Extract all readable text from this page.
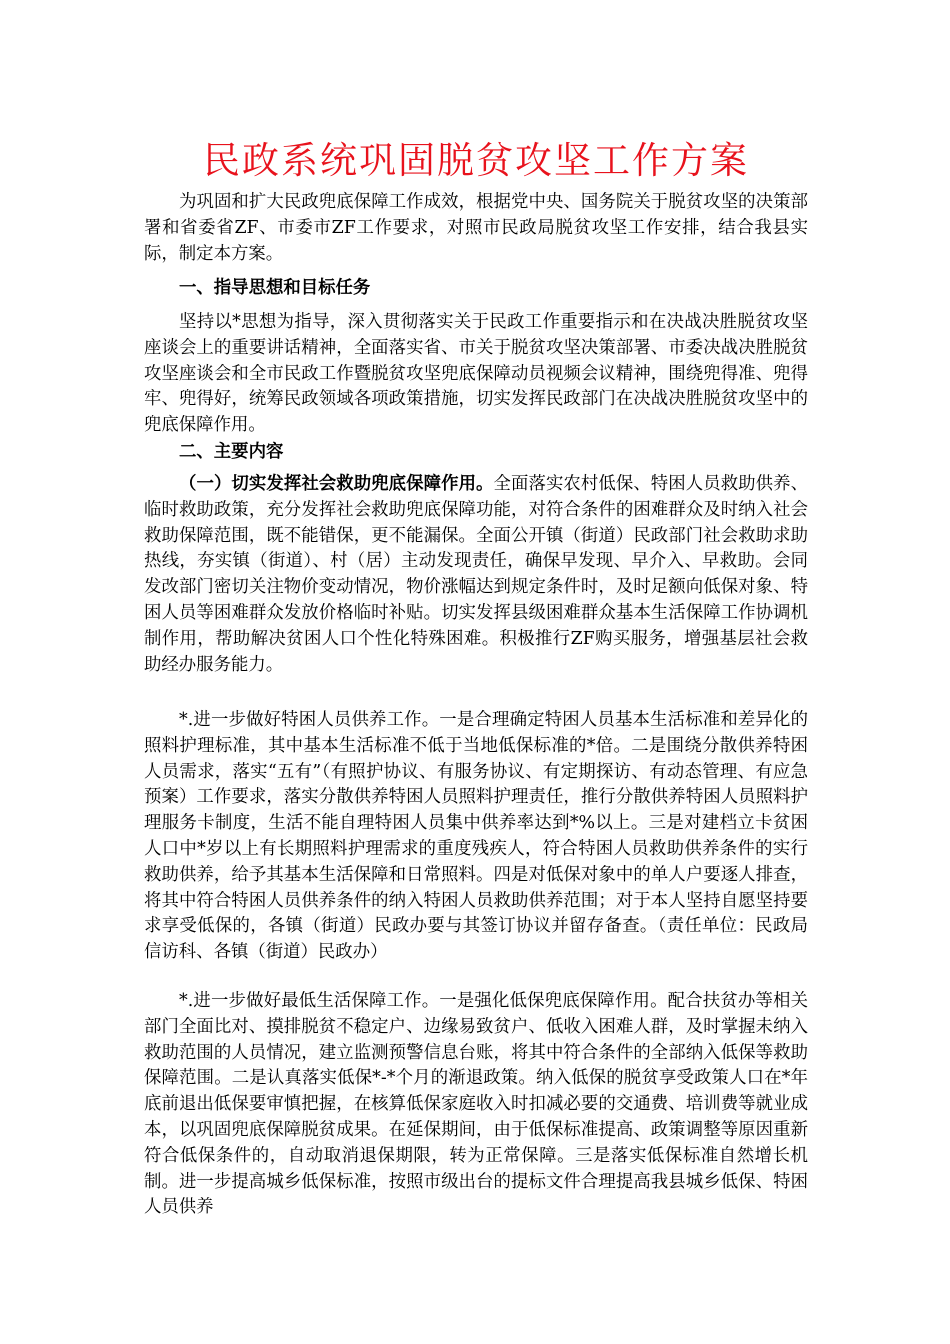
民政系统巩固脱贫攻坚工作方案

为巩固和扩大民政兜底保障工作成效，根据党中央、国务院关于脱贫攻坚的决策部署和省委省ZF、市委市ZF工作要求，对照市民政局脱贫攻坚工作安排，结合我县实际，制定本方案。

一、指导思想和目标任务

坚持以*思想为指导，深入贯彻落实关于民政工作重要指示和在决战决胜脱贫攻坚座谈会上的重要讲话精神，全面落实省、市关于脱贫攻坚决策部署、市委决战决胜脱贫攻坚座谈会和全市民政工作暨脱贫攻坚兜底保障动员视频会议精神，围绕兜得准、兜得牢、兜得好，统筹民政领域各项政策措施，切实发挥民政部门在决战决胜脱贫攻坚中的兜底保障作用。

二、主要内容

（一）切实发挥社会救助兜底保障作用。全面落实农村低保、特困人员救助供养、临时救助政策，充分发挥社会救助兜底保障功能，对符合条件的困难群众及时纳入社会救助保障范围，既不能错保，更不能漏保。全面公开镇（街道）民政部门社会救助求助热线，夯实镇（街道）、村（居）主动发现责任，确保早发现、早介入、早救助。会同发改部门密切关注物价变动情况，物价涨幅达到规定条件时，及时足额向低保对象、特困人员等困难群众发放价格临时补贴。切实发挥县级困难群众基本生活保障工作协调机制作用，帮助解决贫困人口个性化特殊困难。积极推行ZF购买服务，增强基层社会救助经办服务能力。

*.进一步做好特困人员供养工作。一是合理确定特困人员基本生活标准和差异化的照料护理标准，其中基本生活标准不低于当地低保标准的*倍。二是围绕分散供养特困人员需求，落实“五有”（有照护协议、有服务协议、有定期探访、有动态管理、有应急预案）工作要求，落实分散供养特困人员照料护理责任，推行分散供养特困人员照料护理服务卡制度，生活不能自理特困人员集中供养率达到*%以上。三是对建档立卡贫困人口中*岁以上有长期照料护理需求的重度残疾人，符合特困人员救助供养条件的实行救助供养，给予其基本生活保障和日常照料。四是对低保对象中的单人户要逐人排查，将其中符合特困人员供养条件的纳入特困人员救助供养范围；对于本人坚持自愿坚持要求享受低保的，各镇（街道）民政办要与其签订协议并留存备查。（责任单位：民政局信访科、各镇（街道）民政办）

*.进一步做好最低生活保障工作。一是强化低保兜底保障作用。配合扶贫办等相关部门全面比对、摸排脱贫不稳定户、边缘易致贫户、低收入困难人群，及时掌握未纳入救助范围的人员情况，建立监测预警信息台账，将其中符合条件的全部纳入低保等救助保障范围。二是认真落实低保*-*个月的渐退政策。纳入低保的脱贫享受政策人口在*年底前退出低保要审慎把握，在核算低保家庭收入时扣减必要的交通费、培训费等就业成本，以巩固兜底保障脱贫成果。在延保期间，由于低保标准提高、政策调整等原因重新符合低保条件的，自动取消退保期限，转为正常保障。三是落实低保标准自然增长机制。进一步提高城乡低保标准，按照市级出台的提标文件合理提高我县城乡低保、特困人员供养
